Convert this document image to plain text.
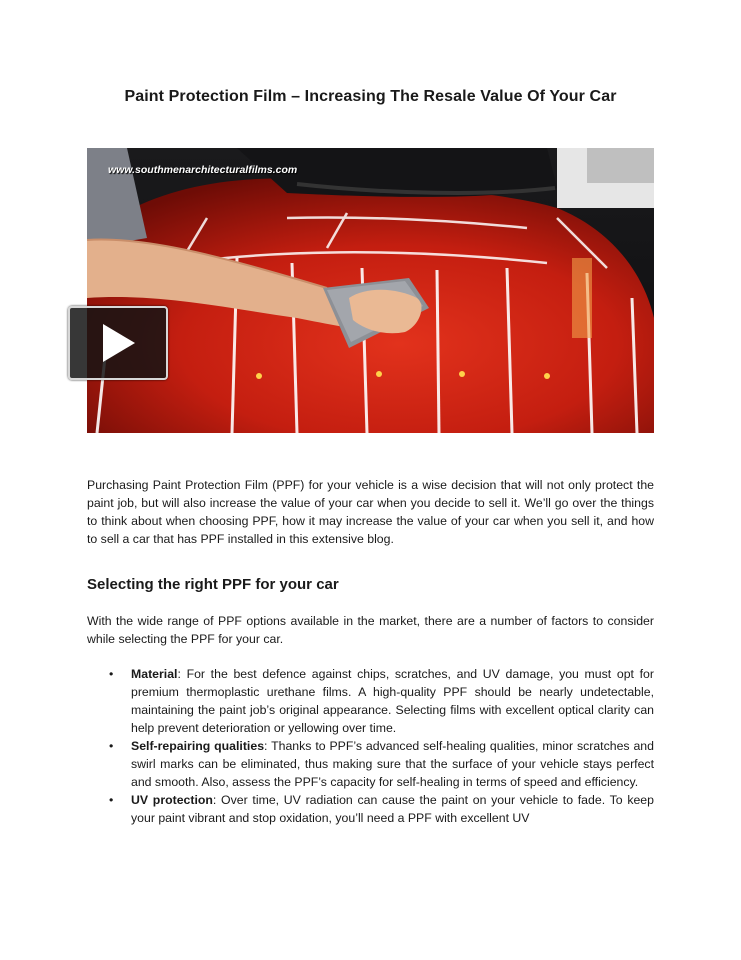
Paint Protection Film – Increasing The Resale Value Of Your Car
www.southmenarchitecturalfilms.com

Purchasing Paint Protection Film (PPF) for your vehicle is a wise decision that will not only protect the paint job, but will also increase the value of your car when you decide to sell it. We’ll go over the things to think about when choosing PPF, how it may increase the value of your car when you sell it, and how to sell a car that has PPF installed in this extensive blog.

Selecting the right PPF for your car

With the wide range of PPF options available in the market, there are a number of factors to consider while selecting the PPF for your car.

• Material: For the best defence against chips, scratches, and UV damage, you must opt for premium thermoplastic urethane films. A high-quality PPF should be nearly undetectable, maintaining the paint job’s original appearance. Selecting films with excellent optical clarity can help prevent deterioration or yellowing over time.
• Self-repairing qualities: Thanks to PPF’s advanced self-healing qualities, minor scratches and swirl marks can be eliminated, thus making sure that the surface of your vehicle stays perfect and smooth. Also, assess the PPF’s capacity for self-healing in terms of speed and efficiency.
• UV protection: Over time, UV radiation can cause the paint on your vehicle to fade. To keep your paint vibrant and stop oxidation, you’ll need a PPF with excellent UV
